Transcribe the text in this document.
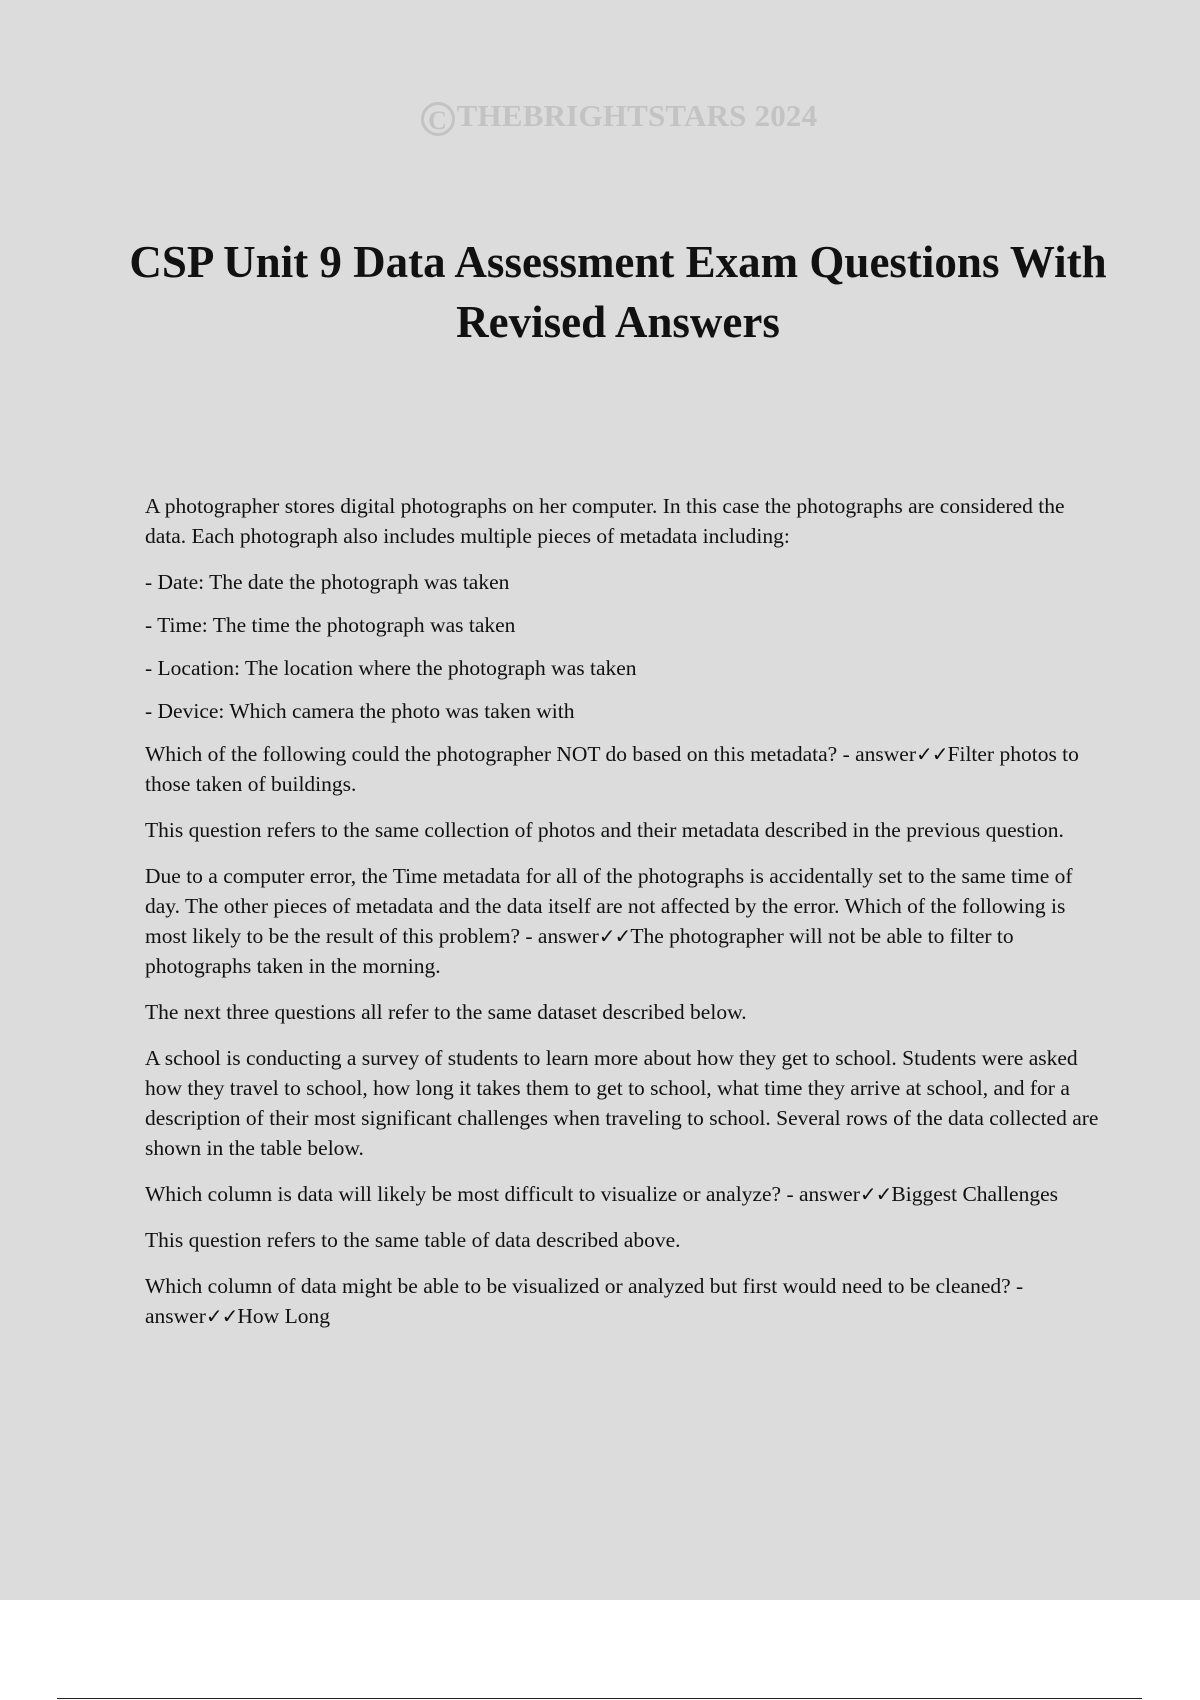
C THEBRIGHTSTARS 2024
CSP Unit 9 Data Assessment Exam Questions With Revised Answers

A photographer stores digital photographs on her computer. In this case the photographs are considered the data. Each photograph also includes multiple pieces of metadata including:

- Date: The date the photograph was taken

- Time: The time the photograph was taken

- Location: The location where the photograph was taken

- Device: Which camera the photo was taken with

Which of the following could the photographer NOT do based on this metadata? - answer✓✓Filter photos to those taken of buildings.

This question refers to the same collection of photos and their metadata described in the previous question.

Due to a computer error, the Time metadata for all of the photographs is accidentally set to the same time of day. The other pieces of metadata and the data itself are not affected by the error. Which of the following is most likely to be the result of this problem? - answer✓✓The photographer will not be able to filter to photographs taken in the morning.

The next three questions all refer to the same dataset described below.

A school is conducting a survey of students to learn more about how they get to school. Students were asked how they travel to school, how long it takes them to get to school, what time they arrive at school, and for a description of their most significant challenges when traveling to school. Several rows of the data collected are shown in the table below.

Which column is data will likely be most difficult to visualize or analyze? - answer✓✓Biggest Challenges

This question refers to the same table of data described above.

Which column of data might be able to be visualized or analyzed but first would need to be cleaned? - answer✓✓How Long
